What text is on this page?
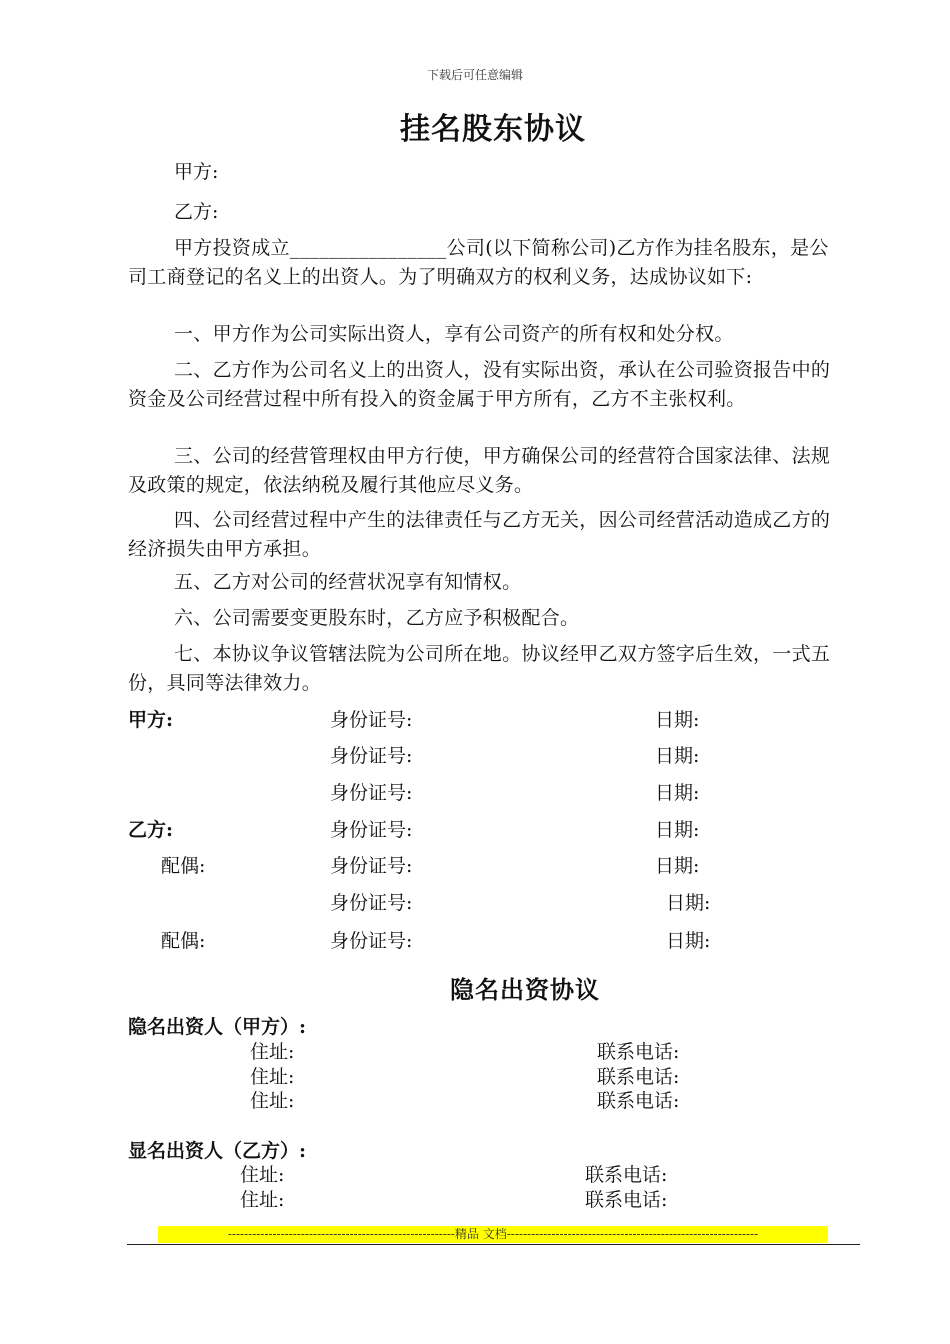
下载后可任意编辑
挂名股东协议
甲方:
乙方:
甲方投资成立________________公司(以下简称公司)乙方作为挂名股东，是公司工商登记的名义上的出资人。为了明确双方的权利义务，达成协议如下:
一、甲方作为公司实际出资人，享有公司资产的所有权和处分权。
二、乙方作为公司名义上的出资人，没有实际出资，承认在公司验资报告中的资金及公司经营过程中所有投入的资金属于甲方所有，乙方不主张权利。
三、公司的经营管理权由甲方行使，甲方确保公司的经营符合国家法律、法规及政策的规定，依法纳税及履行其他应尽义务。
四、公司经营过程中产生的法律责任与乙方无关，因公司经营活动造成乙方的经济损失由甲方承担。
五、乙方对公司的经营状况享有知情权。
六、公司需要变更股东时，乙方应予积极配合。
七、本协议争议管辖法院为公司所在地。协议经甲乙双方签字后生效，一式五份，具同等法律效力。
甲方:	身份证号:	日期:
身份证号:	日期:
身份证号:	日期:
乙方:	身份证号:	日期:
配偶:	身份证号:	日期:
身份证号:	日期:
配偶:	身份证号:	日期:
隐名出资协议
隐名出资人（甲方）:
住址:	联系电话:
住址:	联系电话:
住址:	联系电话:
显名出资人（乙方）:
住址:	联系电话:
住址:	联系电话:
--------------------------------------------------------精品 文档--------------------------------------------------------------
